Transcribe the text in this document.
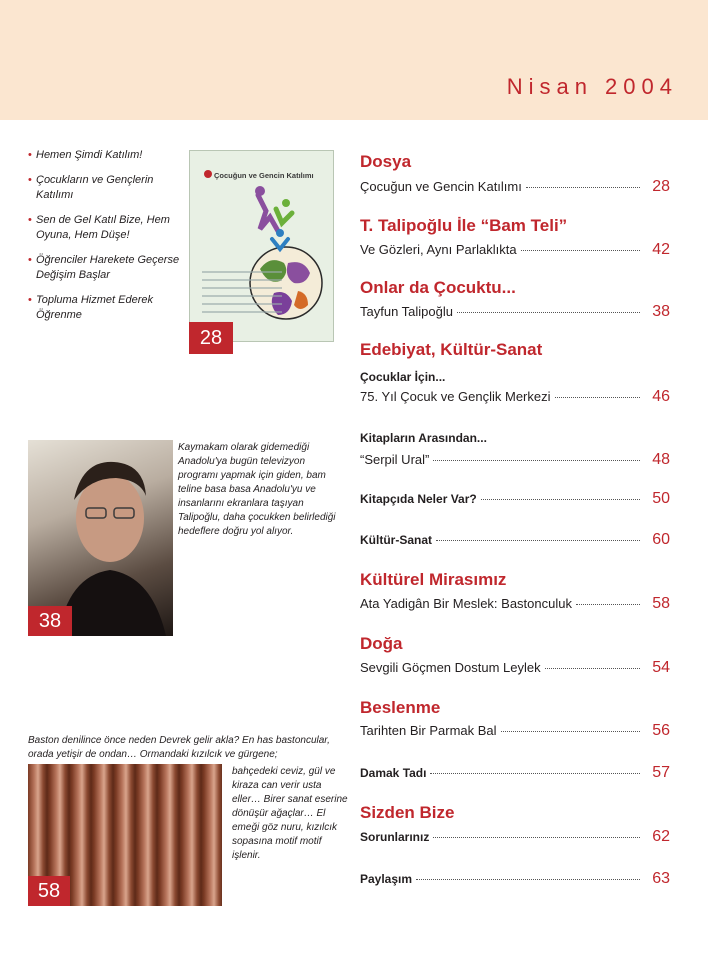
Nisan 2004
• Hemen Şimdi Katılım!
• Çocukların ve Gençlerin Katılımı
• Sen de Gel Katıl Bize, Hem Oyuna, Hem Düşe!
• Öğrenciler Harekete Geçerse Değişim Başlar
• Topluma Hizmet Ederek Öğrenme
Çocuğun ve Gencin Katılımı
28
38
Kaymakam olarak gidemediği Anadolu'ya bugün televizyon programı yapmak için giden, bam teline basa basa Anadolu'yu ve insanlarını ekranlara taşıyan Talipoğlu, daha çocukken belirlediği hedeflere doğru yol alıyor.
Baston denilince önce neden Devrek gelir akla? En has bastoncular, orada yetişir de ondan… Ormandaki kızılcık ve gürgene;
58
bahçedeki ceviz, gül ve kiraza can verir usta eller… Birer sanat eserine dönüşür ağaçlar… El emeği göz nuru, kızılcık sopasına motif motif işlenir.
Dosya
Çocuğun ve Gencin Katılımı	28
T. Talipoğlu İle “Bam Teli”
Ve Gözleri, Aynı Parlaklıkta	42
Onlar da Çocuktu...
Tayfun Talipoğlu	38
Edebiyat, Kültür-Sanat
Çocuklar İçin...
75. Yıl Çocuk ve Gençlik Merkezi	46
Kitapların Arasından...
“Serpil Ural”	48
Kitapçıda Neler Var?	50
Kültür-Sanat	60
Kültürel Mirasımız
Ata Yadigân Bir Meslek: Bastonculuk	58
Doğa
Sevgili Göçmen Dostum Leylek	54
Beslenme
Tarihten Bir Parmak Bal	56
Damak Tadı	57
Sizden Bize
Sorunlarınız	62
Paylaşım	63
